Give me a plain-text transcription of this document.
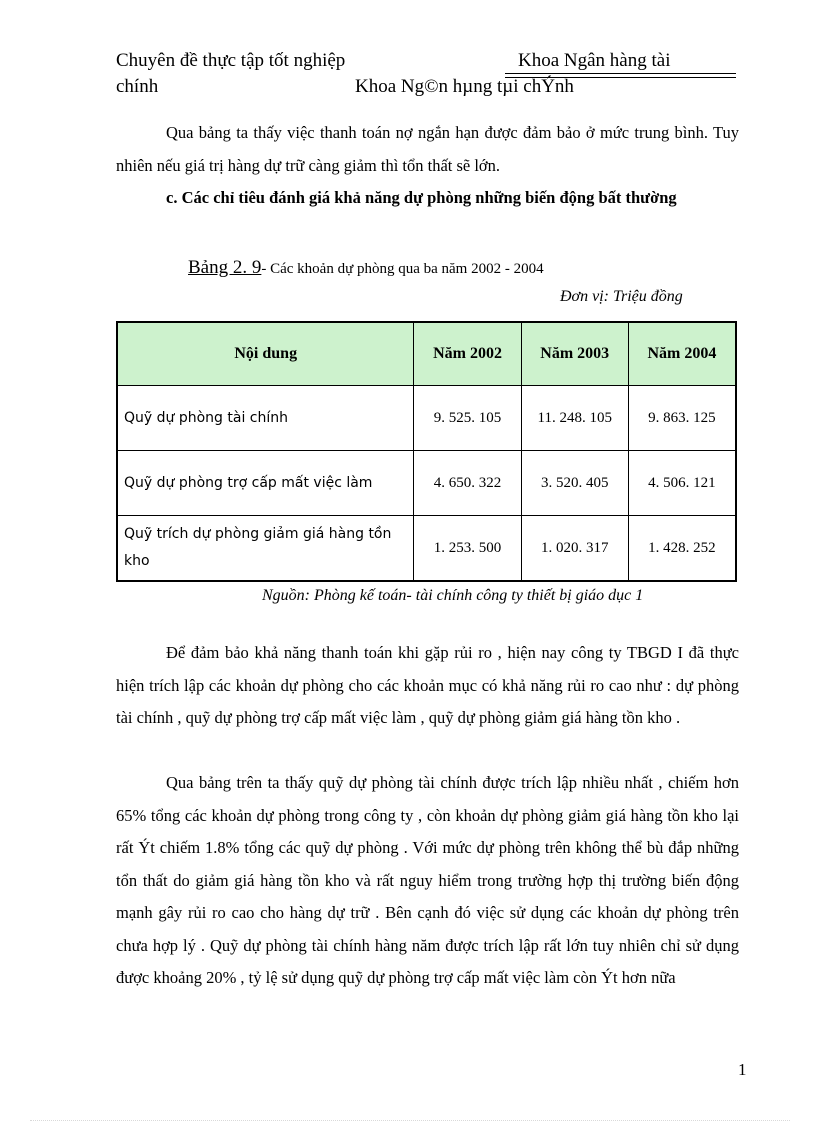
Chuyên đề thực tập tốt nghiệp	Khoa Ngân hàng tài
chính	Khoa Ng©n hµng tµi chÝnh

Qua bảng ta thấy việc thanh toán nợ ngắn hạn được đảm bảo ở mức trung bình. Tuy nhiên nếu giá trị hàng dự trữ càng giảm thì tổn thất sẽ lớn.

c. Các chỉ tiêu đánh giá khả năng dự phòng những biến động bất thường

Bảng 2. 9- Các khoản dự phòng qua ba năm 2002 - 2004
Đơn vị: Triệu đồng
Nội dung	Năm 2002	Năm 2003	Năm 2004
Quỹ dự phòng tài chính	9. 525. 105	11. 248. 105	9. 863. 125
Quỹ dự phòng trợ cấp mất việc làm	4. 650. 322	3. 520. 405	4. 506. 121
Quỹ trích dự phòng giảm giá hàng tồn kho	1. 253. 500	1. 020. 317	1. 428. 252
Nguồn: Phòng kế toán- tài chính công ty thiết bị giáo dục 1

Để đảm bảo khả năng thanh toán khi gặp rủi ro , hiện nay công ty TBGD I đã thực hiện trích lập các khoản dự phòng cho các khoản mục có khả năng rủi ro cao như : dự phòng tài chính , quỹ dự phòng trợ cấp mất việc làm , quỹ dự phòng giảm giá hàng tồn kho .

Qua bảng trên ta thấy quỹ dự phòng tài chính được trích lập nhiều nhất , chiếm hơn 65% tổng các khoản dự phòng trong công ty , còn khoản dự phòng giảm giá hàng tồn kho lại rất Ýt chiếm 1.8% tổng các quỹ dự phòng . Với mức dự phòng trên không thể bù đắp những tổn thất do giảm giá hàng tồn kho và rất nguy hiểm trong trường hợp thị trường biến động mạnh gây rủi ro cao cho hàng dự trữ . Bên cạnh đó việc sử dụng các khoản dự phòng trên chưa hợp lý . Quỹ dự phòng tài chính hàng năm được trích lập rất lớn tuy nhiên chỉ sử dụng được khoảng 20% , tỷ lệ sử dụng quỹ dự phòng trợ cấp mất việc làm còn Ýt hơn nữa

1
